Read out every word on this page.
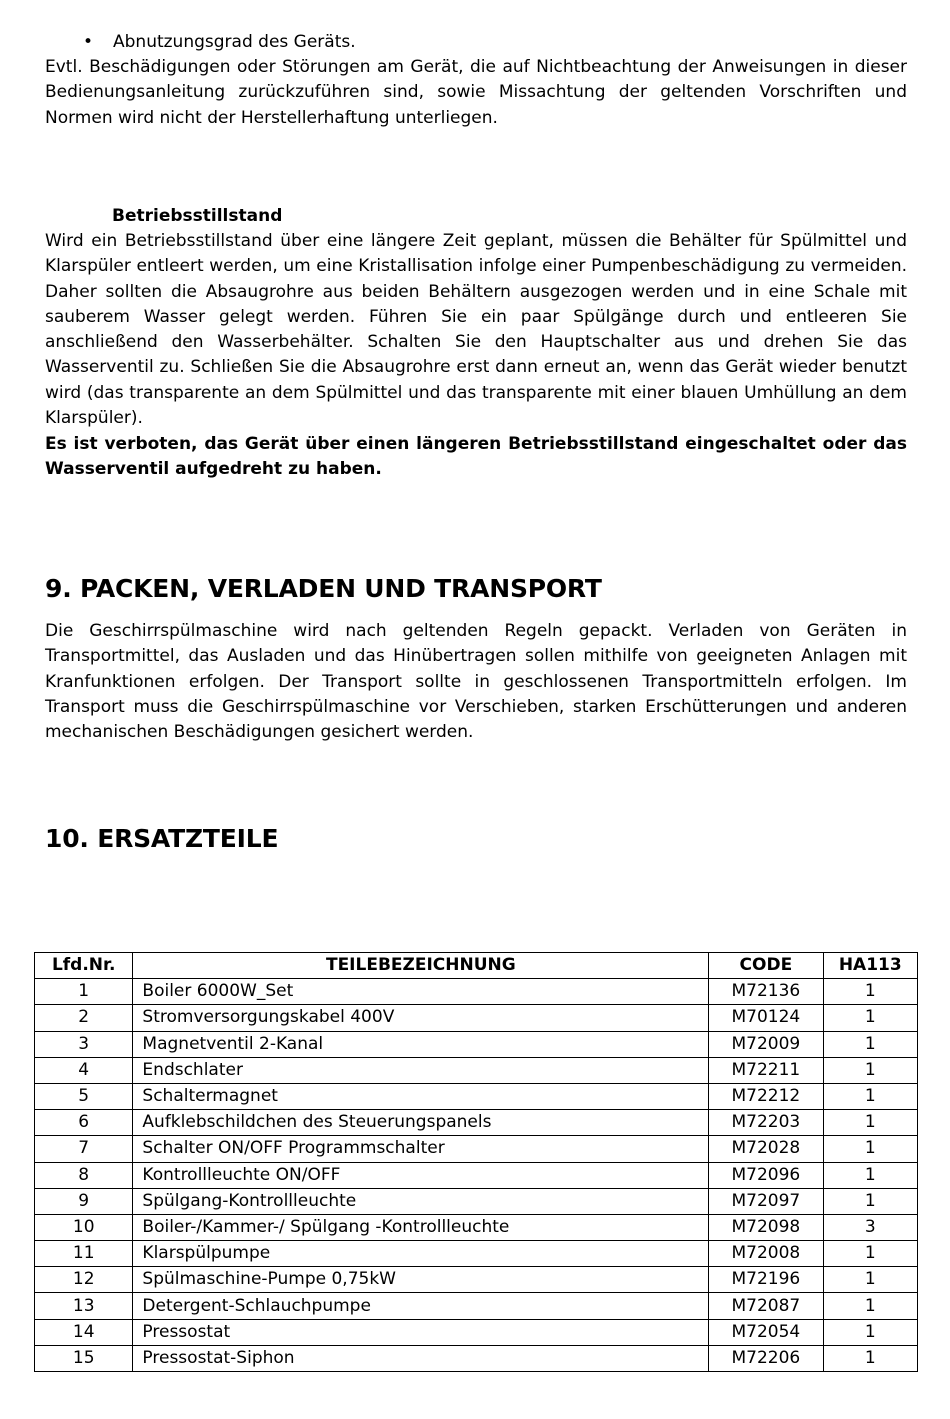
• Abnutzungsgrad des Geräts.
Evtl. Beschädigungen oder Störungen am Gerät, die auf Nichtbeachtung der Anweisungen in dieser Bedienungsanleitung zurückzuführen sind, sowie Missachtung der geltenden Vorschriften und Normen wird nicht der Herstellerhaftung unterliegen.
Betriebsstillstand
Wird ein Betriebsstillstand über eine längere Zeit geplant, müssen die Behälter für Spülmittel und Klarspüler entleert werden, um eine Kristallisation infolge einer Pumpenbeschädigung zu vermeiden. Daher sollten die Absaugrohre aus beiden Behältern ausgezogen werden und in eine Schale mit sauberem Wasser gelegt werden. Führen Sie ein paar Spülgänge durch und entleeren Sie anschließend den Wasserbehälter. Schalten Sie den Hauptschalter aus und drehen Sie das Wasserventil zu. Schließen Sie die Absaugrohre erst dann erneut an, wenn das Gerät wieder benutzt wird (das transparente an dem Spülmittel und das transparente mit einer blauen Umhüllung an dem Klarspüler).
Es ist verboten, das Gerät über einen längeren Betriebsstillstand eingeschaltet oder das Wasserventil aufgedreht zu haben.
9. PACKEN, VERLADEN UND TRANSPORT
Die Geschirrspülmaschine wird nach geltenden Regeln gepackt. Verladen von Geräten in Transportmittel, das Ausladen und das Hinübertragen sollen mithilfe von geeigneten Anlagen mit Kranfunktionen erfolgen. Der Transport sollte in geschlossenen Transportmitteln erfolgen. Im Transport muss die Geschirrspülmaschine vor Verschieben, starken Erschütterungen und anderen mechanischen Beschädigungen gesichert werden.
10. ERSATZTEILE
Lfd.Nr.	TEILEBEZEICHNUNG	CODE	HA113
1	Boiler 6000W_Set	M72136	1
2	Stromversorgungskabel 400V	M70124	1
3	Magnetventil 2-Kanal	M72009	1
4	Endschlater	M72211	1
5	Schaltermagnet	M72212	1
6	Aufklebschildchen des Steuerungspanels	M72203	1
7	Schalter ON/OFF Programmschalter	M72028	1
8	Kontrollleuchte ON/OFF	M72096	1
9	Spülgang-Kontrollleuchte	M72097	1
10	Boiler-/Kammer-/ Spülgang -Kontrollleuchte	M72098	3
11	Klarspülpumpe	M72008	1
12	Spülmaschine-Pumpe 0,75kW	M72196	1
13	Detergent-Schlauchpumpe	M72087	1
14	Pressostat	M72054	1
15	Pressostat-Siphon	M72206	1
